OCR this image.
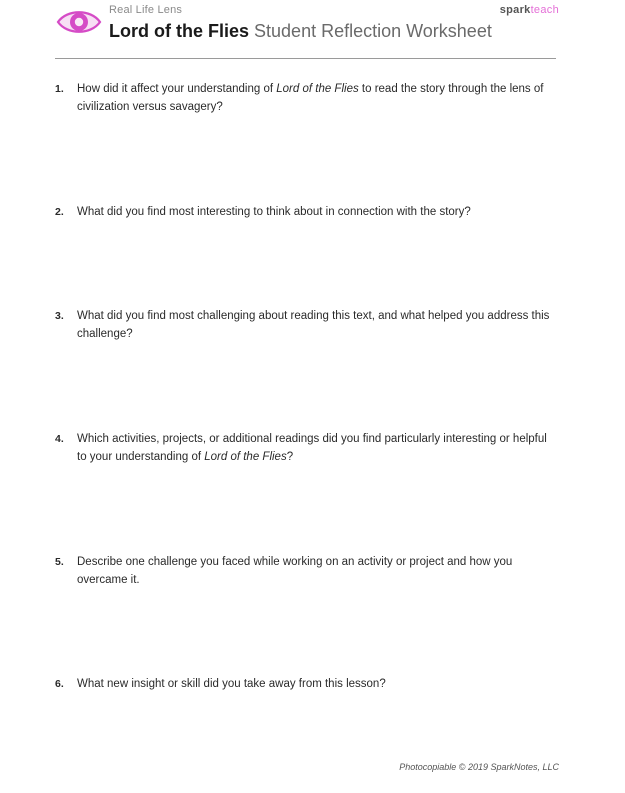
Real Life Lens	sparkteach
Lord of the Flies Student Reflection Worksheet
1.	How did it affect your understanding of Lord of the Flies to read the story through the lens of civilization versus savagery?
2.	What did you find most interesting to think about in connection with the story?
3.	What did you find most challenging about reading this text, and what helped you address this challenge?
4.	Which activities, projects, or additional readings did you find particularly interesting or helpful to your understanding of Lord of the Flies?
5.	Describe one challenge you faced while working on an activity or project and how you overcame it.
6.	What new insight or skill did you take away from this lesson?
Photocopiable © 2019 SparkNotes, LLC
